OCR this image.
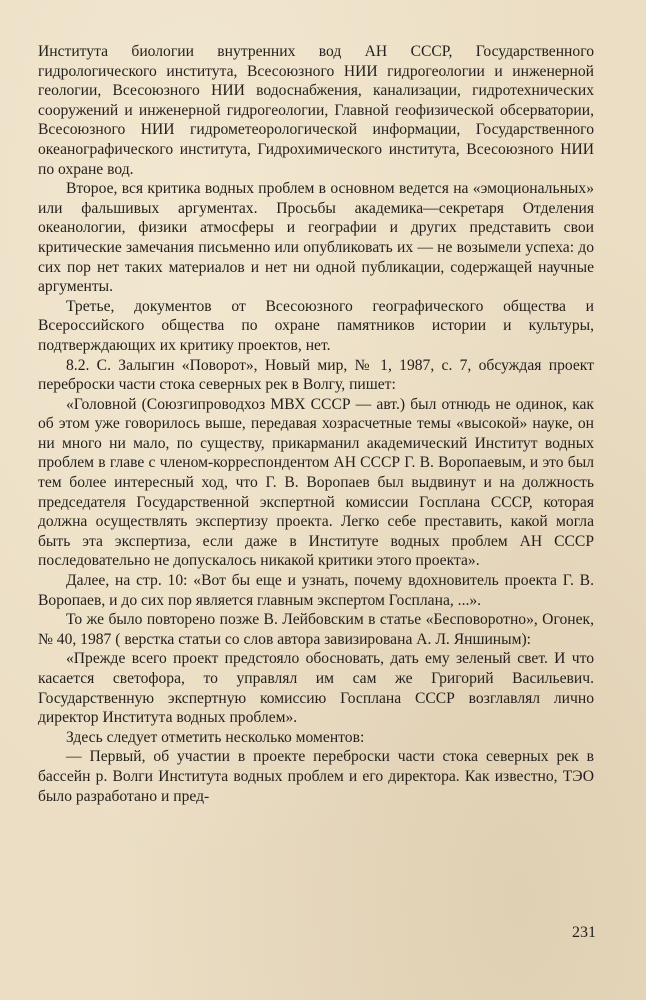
Института биологии внутренних вод АН СССР, Государственного гидрологического института, Всесоюзного НИИ гидрогеологии и инженерной геологии, Всесоюзного НИИ водоснабжения, канализации, гидротехнических сооружений и инженерной гидрогеологии, Главной геофизической обсерватории, Всесоюзного НИИ гидрометеорологической информации, Государственного океанографического института, Гидрохимического института, Всесоюзного НИИ по охране вод.

Второе, вся критика водных проблем в основном ведется на «эмоциональных» или фальшивых аргументах. Просьбы академика—секретаря Отделения океанологии, физики атмосферы и географии и других представить свои критические замечания письменно или опубликовать их — не возымели успеха: до сих пор нет таких материалов и нет ни одной публикации, содержащей научные аргументы.

Третье, документов от Всесоюзного географического общества и Всероссийского общества по охране памятников истории и культуры, подтверждающих их критику проектов, нет.

8.2. С. Залыгин «Поворот», Новый мир, № 1, 1987, с. 7, обсуждая проект переброски части стока северных рек в Волгу, пишет:

«Головной (Союзгипроводхоз МВХ СССР — авт.) был отнюдь не одинок, как об этом уже говорилось выше, передавая хозрасчетные темы «высокой» науке, он ни много ни мало, по существу, прикарманил академический Институт водных проблем в главе с членом-корреспондентом АН СССР Г. В. Воропаевым, и это был тем более интересный ход, что Г. В. Воропаев был выдвинут и на должность председателя Государственной экспертной комиссии Госплана СССР, которая должна осуществлять экспертизу проекта. Легко себе преставить, какой могла быть эта экспертиза, если даже в Институте водных проблем АН СССР последовательно не допускалось никакой критики этого проекта».

Далее, на стр. 10: «Вот бы еще и узнать, почему вдохновитель проекта Г. В. Воропаев, и до сих пор является главным экспертом Госплана, ...».

То же было повторено позже В. Лейбовским в статье «Бесповоротно», Огонек, № 40, 1987 ( верстка статьи со слов автора завизирована А. Л. Яншиным):

«Прежде всего проект предстояло обосновать, дать ему зеленый свет. И что касается светофора, то управлял им сам же Григорий Васильевич. Государственную экспертную комиссию Госплана СССР возглавлял лично директор Института водных проблем».

Здесь следует отметить несколько моментов:

— Первый, об участии в проекте переброски части стока северных рек в бассейн р. Волги Института водных проблем и его директора. Как известно, ТЭО было разработано и пред-

231
